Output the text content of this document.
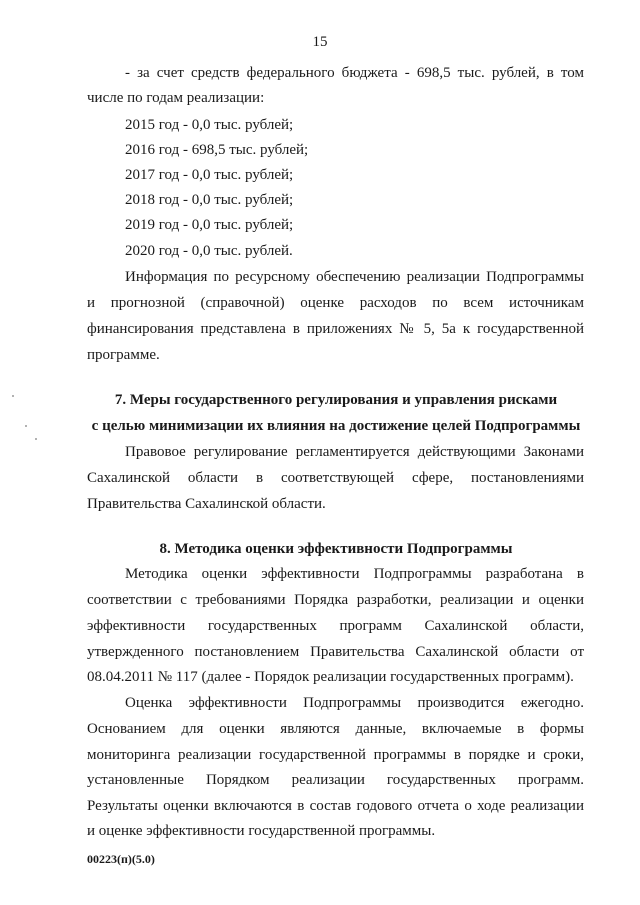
15
- за счет средств федерального бюджета - 698,5 тыс. рублей, в том
числе по годам реализации:
2015 год - 0,0 тыс. рублей;
2016 год - 698,5 тыс. рублей;
2017 год - 0,0 тыс. рублей;
2018 год - 0,0 тыс. рублей;
2019 год - 0,0 тыс. рублей;
2020 год - 0,0 тыс. рублей.
Информация по ресурсному обеспечению реализации Подпрограммы
и прогнозной (справочной) оценке расходов по всем источникам
финансирования представлена в приложениях № 5, 5а к государственной
программе.
7. Меры государственного регулирования и управления рисками
с целью минимизации их влияния на достижение целей Подпрограммы
Правовое регулирование регламентируется действующими Законами
Сахалинской области в соответствующей сфере, постановлениями
Правительства Сахалинской области.
8. Методика оценки эффективности Подпрограммы
Методика оценки эффективности Подпрограммы разработана в
соответствии с требованиями Порядка разработки, реализации и оценки
эффективности государственных программ Сахалинской области,
утвержденного постановлением Правительства Сахалинской области от
08.04.2011 № 117 (далее - Порядок реализации государственных программ).
Оценка эффективности Подпрограммы производится ежегодно.
Основанием для оценки являются данные, включаемые в формы
мониторинга реализации государственной программы в порядке и сроки,
установленные Порядком реализации государственных программ.
Результаты оценки включаются в состав годового отчета о ходе реализации
и оценке эффективности государственной программы.
00223(п)(5.0)
